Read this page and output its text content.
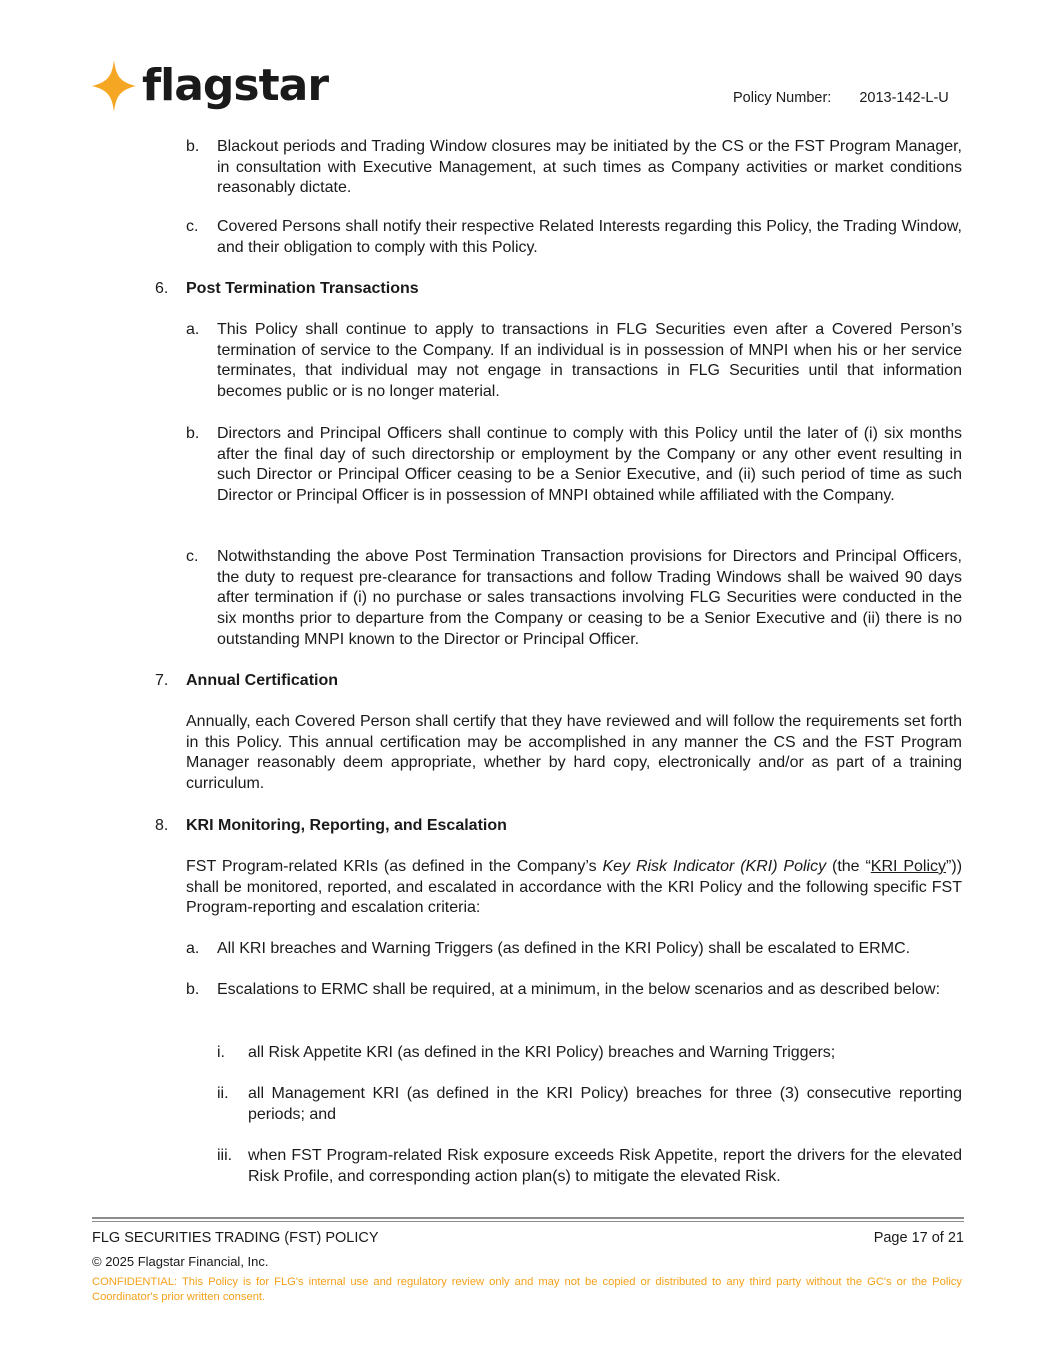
flagstar	Policy Number: 2013-142-L-U
b. Blackout periods and Trading Window closures may be initiated by the CS or the FST Program Manager, in consultation with Executive Management, at such times as Company activities or market conditions reasonably dictate.
c. Covered Persons shall notify their respective Related Interests regarding this Policy, the Trading Window, and their obligation to comply with this Policy.
6. Post Termination Transactions
a. This Policy shall continue to apply to transactions in FLG Securities even after a Covered Person’s termination of service to the Company. If an individual is in possession of MNPI when his or her service terminates, that individual may not engage in transactions in FLG Securities until that information becomes public or is no longer material.
b. Directors and Principal Officers shall continue to comply with this Policy until the later of (i) six months after the final day of such directorship or employment by the Company or any other event resulting in such Director or Principal Officer ceasing to be a Senior Executive, and (ii) such period of time as such Director or Principal Officer is in possession of MNPI obtained while affiliated with the Company.
c. Notwithstanding the above Post Termination Transaction provisions for Directors and Principal Officers, the duty to request pre-clearance for transactions and follow Trading Windows shall be waived 90 days after termination if (i) no purchase or sales transactions involving FLG Securities were conducted in the six months prior to departure from the Company or ceasing to be a Senior Executive and (ii) there is no outstanding MNPI known to the Director or Principal Officer.
7. Annual Certification
Annually, each Covered Person shall certify that they have reviewed and will follow the requirements set forth in this Policy. This annual certification may be accomplished in any manner the CS and the FST Program Manager reasonably deem appropriate, whether by hard copy, electronically and/or as part of a training curriculum.
8. KRI Monitoring, Reporting, and Escalation
FST Program-related KRIs (as defined in the Company’s Key Risk Indicator (KRI) Policy (the “KRI Policy”)) shall be monitored, reported, and escalated in accordance with the KRI Policy and the following specific FST Program-reporting and escalation criteria:
a. All KRI breaches and Warning Triggers (as defined in the KRI Policy) shall be escalated to ERMC.
b. Escalations to ERMC shall be required, at a minimum, in the below scenarios and as described below:
i. all Risk Appetite KRI (as defined in the KRI Policy) breaches and Warning Triggers;
ii. all Management KRI (as defined in the KRI Policy) breaches for three (3) consecutive reporting periods; and
iii. when FST Program-related Risk exposure exceeds Risk Appetite, report the drivers for the elevated Risk Profile, and corresponding action plan(s) to mitigate the elevated Risk.
FLG SECURITIES TRADING (FST) POLICY	Page 17 of 21
© 2025 Flagstar Financial, Inc.
CONFIDENTIAL: This Policy is for FLG's internal use and regulatory review only and may not be copied or distributed to any third party without the GC's or the Policy Coordinator's prior written consent.
